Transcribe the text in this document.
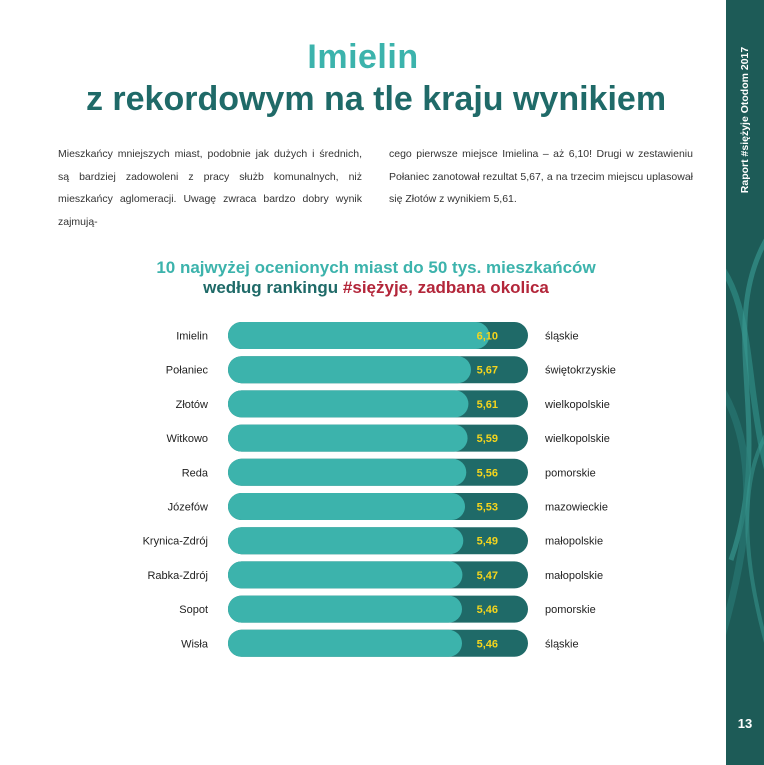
Imielin
z rekordowym na tle kraju wynikiem
Mieszkańcy mniejszych miast, podobnie jak dużych i średnich, są bardziej zadowoleni z pracy służb komunalnych, niż mieszkańcy aglomeracji. Uwagę zwraca bardzo dobry wynik zajmują-
cego pierwsze miejsce Imielina – aż 6,10! Drugi w zestawieniu Połaniec zanotował rezultat 5,67, a na trzecim miejscu uplasował się Złotów z wynikiem 5,61.
10 najwyżej ocenionych miast do 50 tys. mieszkańców
według rankingu #siężyje, zadbana okolica
Imielin	6,10	śląskie
Połaniec	5,67	świętokrzyskie
Złotów	5,61	wielkopolskie
Witkowo	5,59	wielkopolskie
Reda	5,56	pomorskie
Józefów	5,53	mazowieckie
Krynica-Zdrój	5,49	małopolskie
Rabka-Zdrój	5,47	małopolskie
Sopot	5,46	pomorskie
Wisła	5,46	śląskie
Raport #siężyje Otodom 2017
13
